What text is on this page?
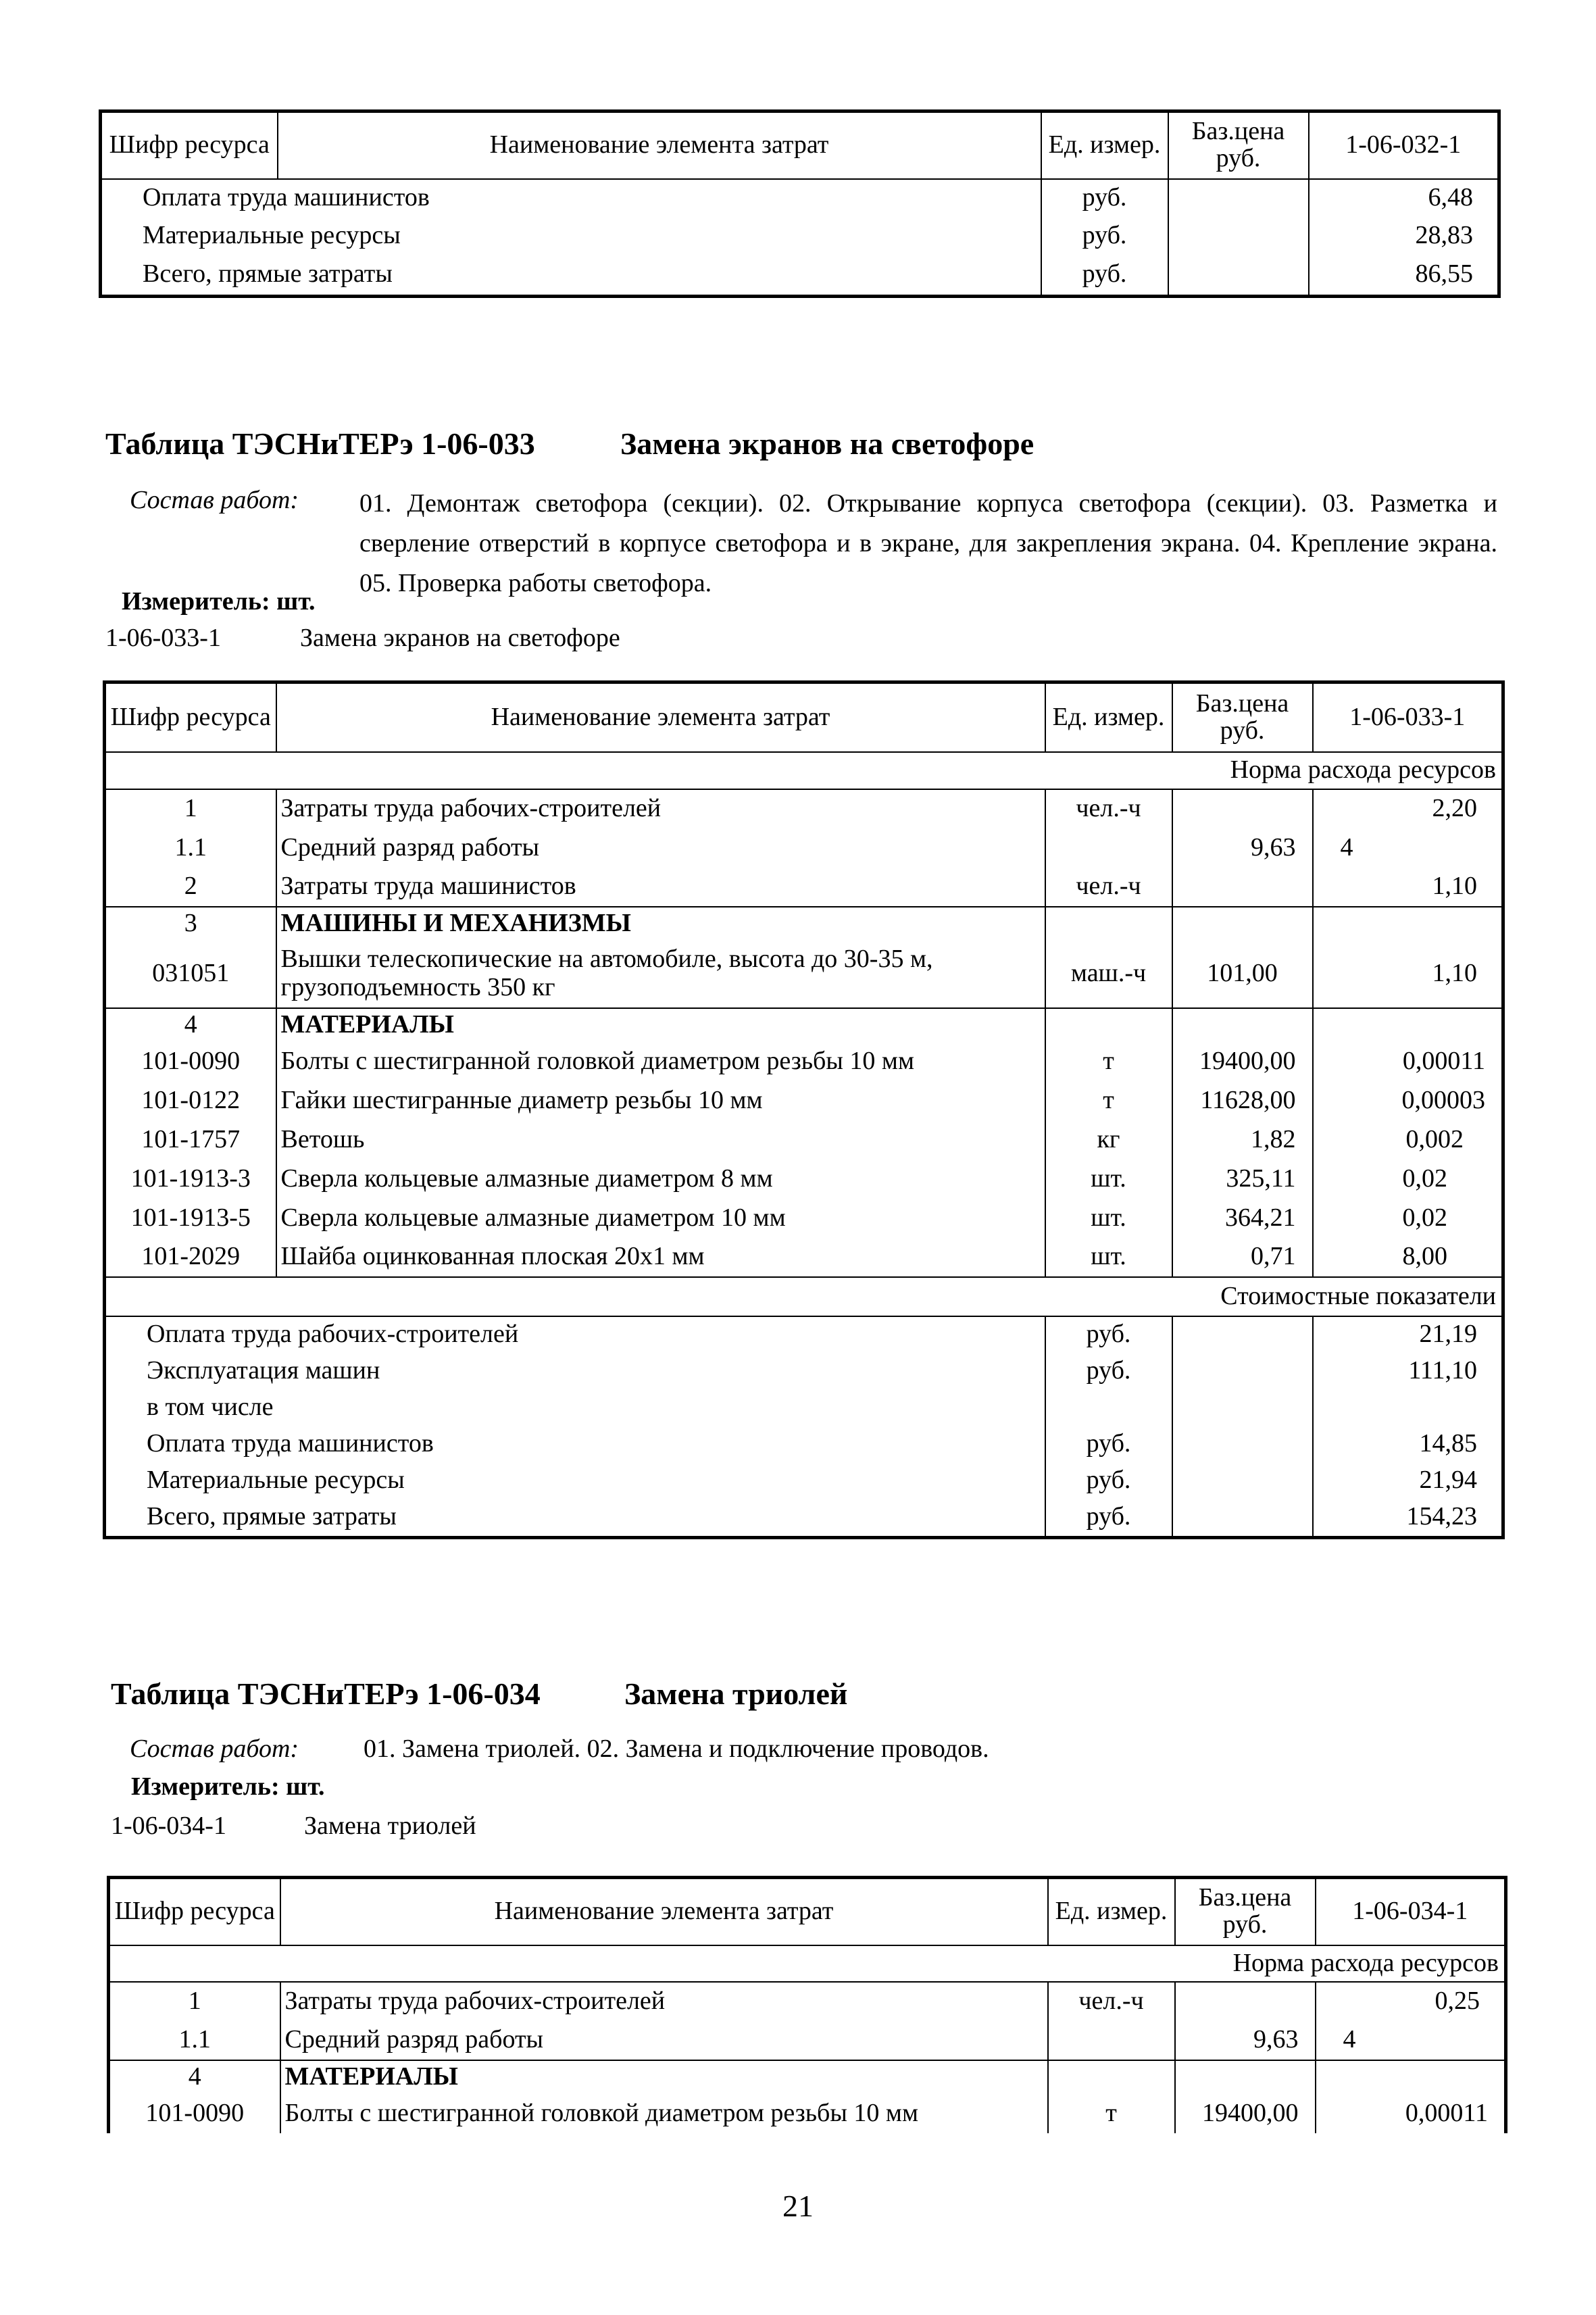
Шифр ресурса	Наименование элемента затрат	Ед. измер.	Баз.цена руб.	1-06-032-1
Оплата труда машинистов		руб.		6,48
Материальные ресурсы		руб.		28,83
Всего, прямые затраты		руб.		86,55
Таблица ТЭСНиТЕРэ 1-06-033	Замена экранов на светофоре
Состав работ: 01. Демонтаж светофора (секции). 02. Открывание корпуса светофора (секции). 03. Разметка и сверление отверстий в корпусе светофора и в экране, для закрепления экрана. 04. Крепление экрана. 05. Проверка работы светофора.
Измеритель: шт.
1-06-033-1	Замена экранов на светофоре
Шифр ресурса	Наименование элемента затрат	Ед. измер.	Баз.цена руб.	1-06-033-1
Норма расхода ресурсов				
1	Затраты труда рабочих-строителей	чел.-ч		2,20
1.1	Средний разряд работы		9,63	4
2	Затраты труда машинистов	чел.-ч		1,10
3	МАШИНЫ И МЕХАНИЗМЫ			
031051	Вышки телескопические на автомобиле, высота до 30-35 м, грузоподъемность 350 кг	маш.-ч	101,00	1,10
4	МАТЕРИАЛЫ			
101-0090	Болты с шестигранной головкой диаметром резьбы 10 мм	т	19400,00	0,00011
101-0122	Гайки шестигранные диаметр резьбы 10 мм	т	11628,00	0,00003
101-1757	Ветошь	кг	1,82	0,002
101-1913-3	Сверла кольцевые алмазные диаметром 8 мм	шт.	325,11	0,02
101-1913-5	Сверла кольцевые алмазные диаметром 10 мм	шт.	364,21	0,02
101-2029	Шайба оцинкованная плоская 20х1 мм	шт.	0,71	8,00
Стоимостные показатели				
Оплата труда рабочих-строителей		руб.		21,19
Эксплуатация машин		руб.		111,10
в том числе				
Оплата труда машинистов		руб.		14,85
Материальные ресурсы		руб.		21,94
Всего, прямые затраты		руб.		154,23
Таблица ТЭСНиТЕРэ 1-06-034	Замена триолей
Состав работ:	01. Замена триолей. 02. Замена и подключение проводов.
Измеритель: шт.
1-06-034-1	Замена триолей
Шифр ресурса	Наименование элемента затрат	Ед. измер.	Баз.цена руб.	1-06-034-1
Норма расхода ресурсов				
1	Затраты труда рабочих-строителей	чел.-ч		0,25
1.1	Средний разряд работы		9,63	4
4	МАТЕРИАЛЫ			
101-0090	Болты с шестигранной головкой диаметром резьбы 10 мм	т	19400,00	0,00011
21
